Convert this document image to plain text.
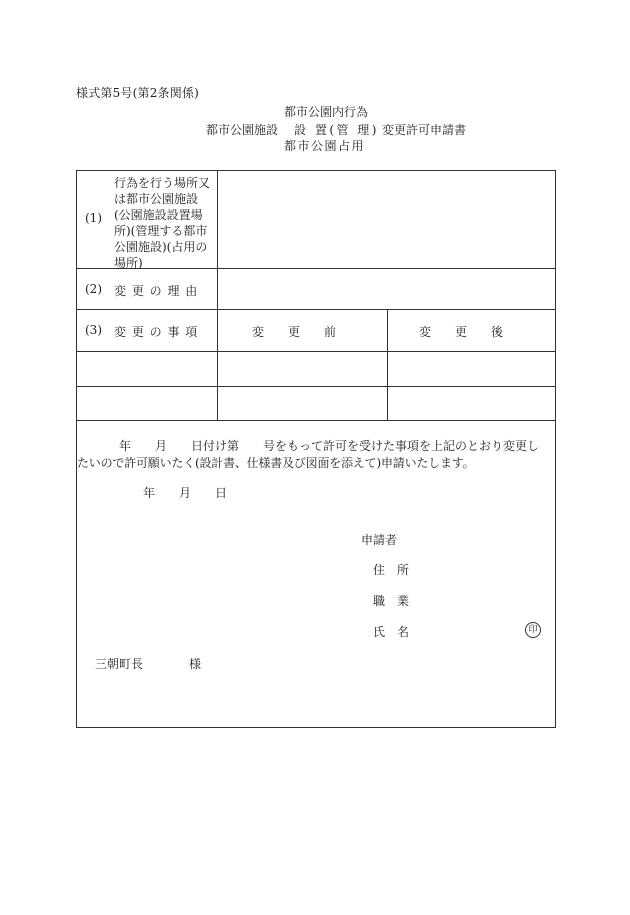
様式第5号(第2条関係)
都市公園内行為
都市公園施設 設 置(管 理) 変更許可申請書
都市公園占用
(1)
行為を行う場所又は都市公園施設(公園施設設置場所)(管理する都市公園施設)(占用の場所)
(2) 変 更 の 理 由
(3) 変 更 の 事 項	変　　更　　前	変　　更　　後
年　　月　　日付け第 号をもって許可を受けた事項を上記のとおり変更し
たいので許可願いたく(設計書、仕様書及び図面を添えて)申請いたします。
年　　月　　日
申請者
住　所
職　業
氏　名	印
三朝町長	様
